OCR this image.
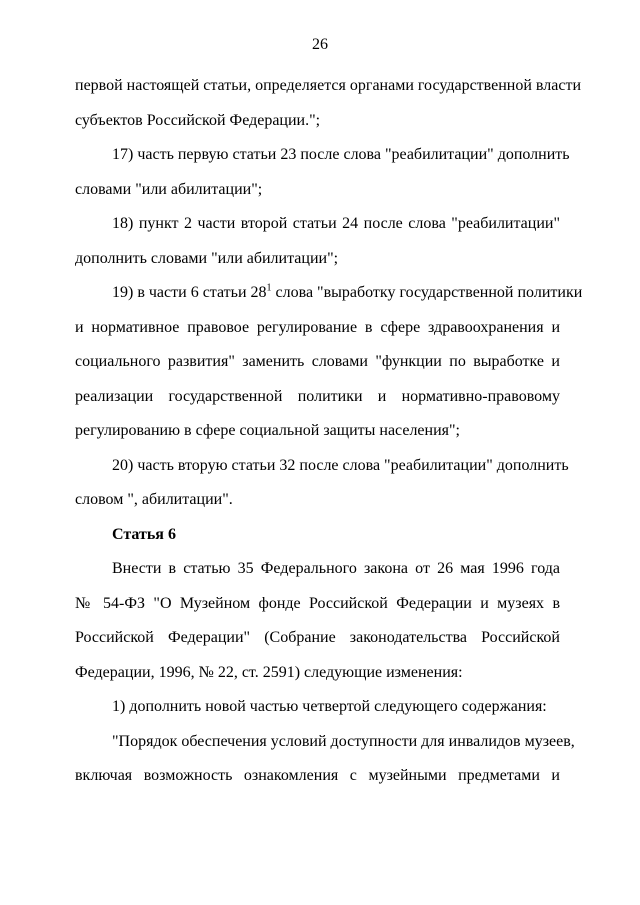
26
первой настоящей статьи, определяется органами государственной власти
субъектов Российской Федерации.";
17) часть первую статьи 23 после слова "реабилитации" дополнить
словами "или абилитации";
18) пункт 2 части второй статьи 24 после слова "реабилитации"
дополнить словами "или абилитации";
19) в части 6 статьи $28^1$ слова "выработку государственной политики
и нормативное правовое регулирование в сфере здравоохранения и
социального развития" заменить словами "функции по выработке и
реализации государственной политики и нормативно-правовому
регулированию в сфере социальной защиты населения";
20) часть вторую статьи 32 после слова "реабилитации" дополнить
словом ", абилитации".
Статья 6
Внести в статью 35 Федерального закона от 26 мая 1996 года
№ 54-ФЗ "О Музейном фонде Российской Федерации и музеях в
Российской Федерации" (Собрание законодательства Российской
Федерации, 1996, № 22, ст. 2591) следующие изменения:
1) дополнить новой частью четвертой следующего содержания:
"Порядок обеспечения условий доступности для инвалидов музеев,
включая возможность ознакомления с музейными предметами и
